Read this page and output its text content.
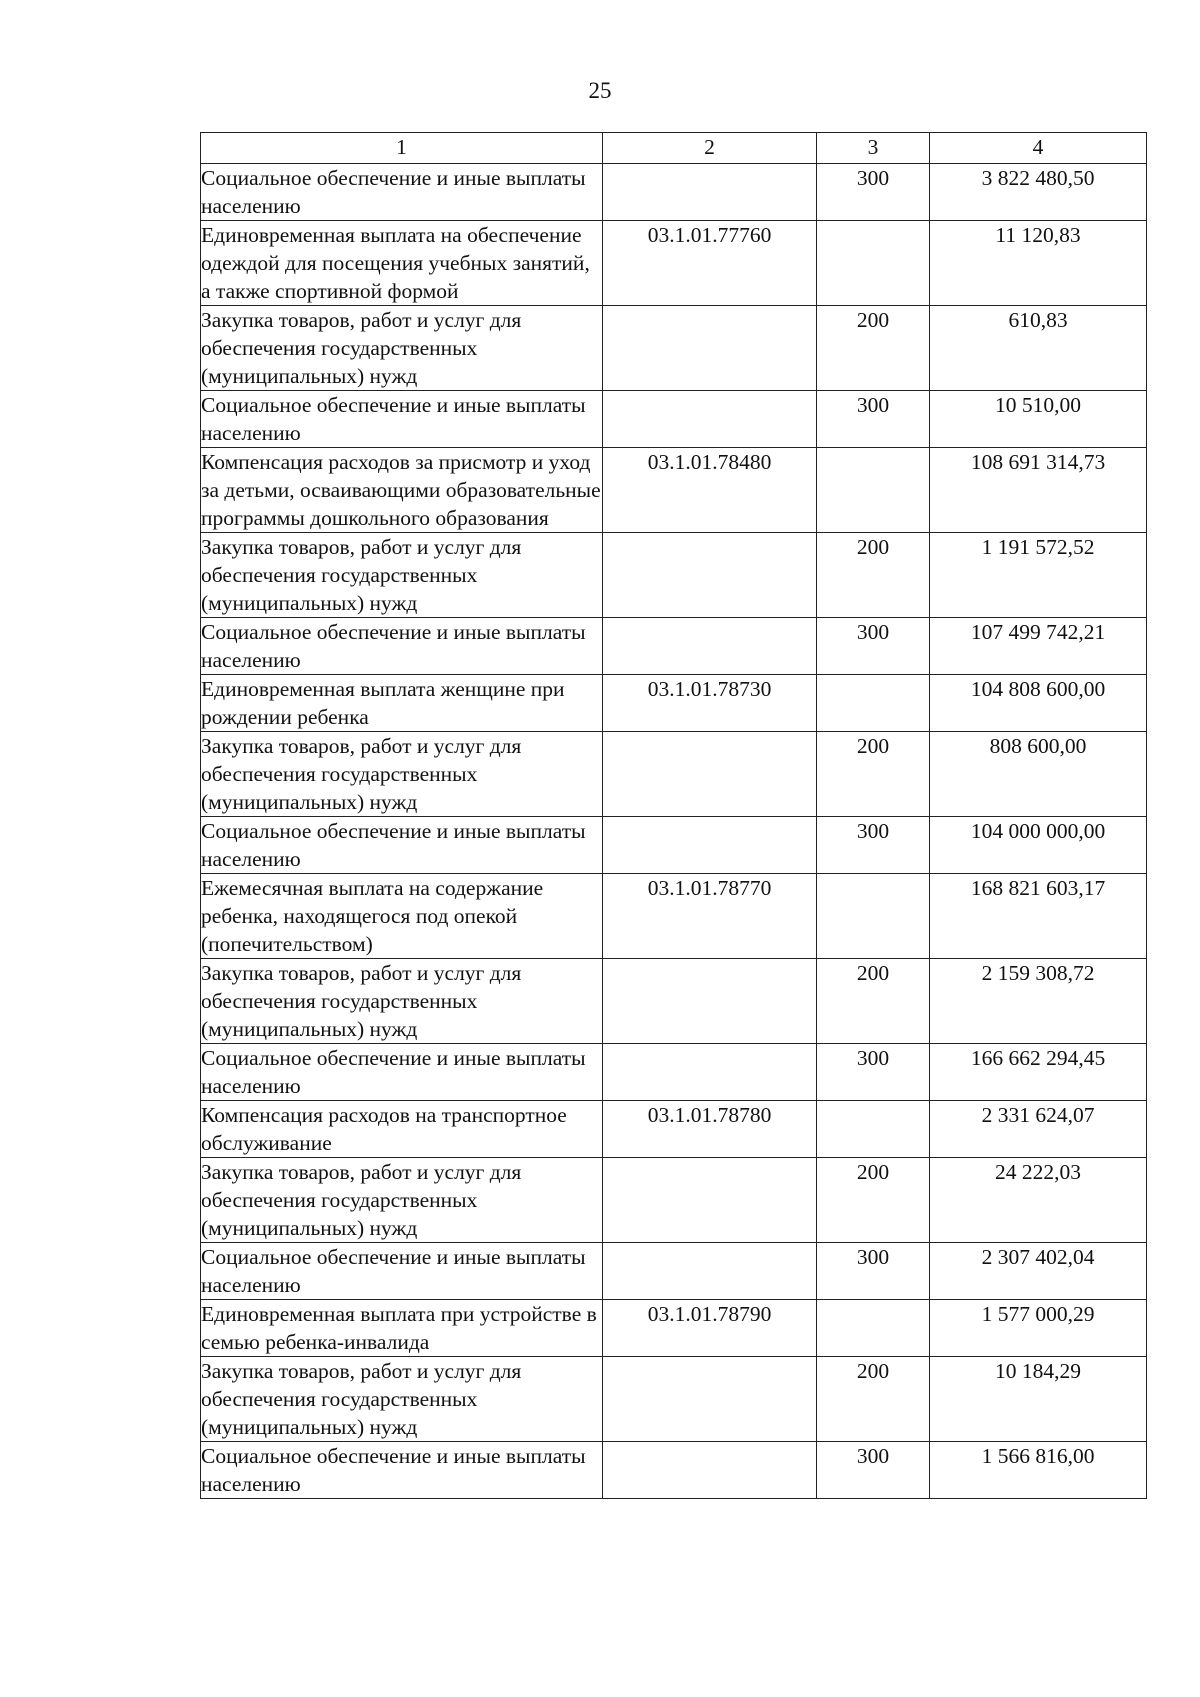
25
1	2	3	4
Социальное обеспечение и иные выплаты населению		300	3 822 480,50
Единовременная выплата на обеспечение одеждой для посещения учебных занятий, а также спортивной формой	03.1.01.77760		11 120,83
Закупка товаров, работ и услуг для обеспечения государственных (муниципальных) нужд		200	610,83
Социальное обеспечение и иные выплаты населению		300	10 510,00
Компенсация расходов за присмотр и уход за детьми, осваивающими образовательные программы дошкольного образования	03.1.01.78480		108 691 314,73
Закупка товаров, работ и услуг для обеспечения государственных (муниципальных) нужд		200	1 191 572,52
Социальное обеспечение и иные выплаты населению		300	107 499 742,21
Единовременная выплата женщине при рождении ребенка	03.1.01.78730		104 808 600,00
Закупка товаров, работ и услуг для обеспечения государственных (муниципальных) нужд		200	808 600,00
Социальное обеспечение и иные выплаты населению		300	104 000 000,00
Ежемесячная выплата на содержание ребенка, находящегося под опекой (попечительством)	03.1.01.78770		168 821 603,17
Закупка товаров, работ и услуг для обеспечения государственных (муниципальных) нужд		200	2 159 308,72
Социальное обеспечение и иные выплаты населению		300	166 662 294,45
Компенсация расходов на транспортное обслуживание	03.1.01.78780		2 331 624,07
Закупка товаров, работ и услуг для обеспечения государственных (муниципальных) нужд		200	24 222,03
Социальное обеспечение и иные выплаты населению		300	2 307 402,04
Единовременная выплата при устройстве в семью ребенка-инвалида	03.1.01.78790		1 577 000,29
Закупка товаров, работ и услуг для обеспечения государственных (муниципальных) нужд		200	10 184,29
Социальное обеспечение и иные выплаты населению		300	1 566 816,00
